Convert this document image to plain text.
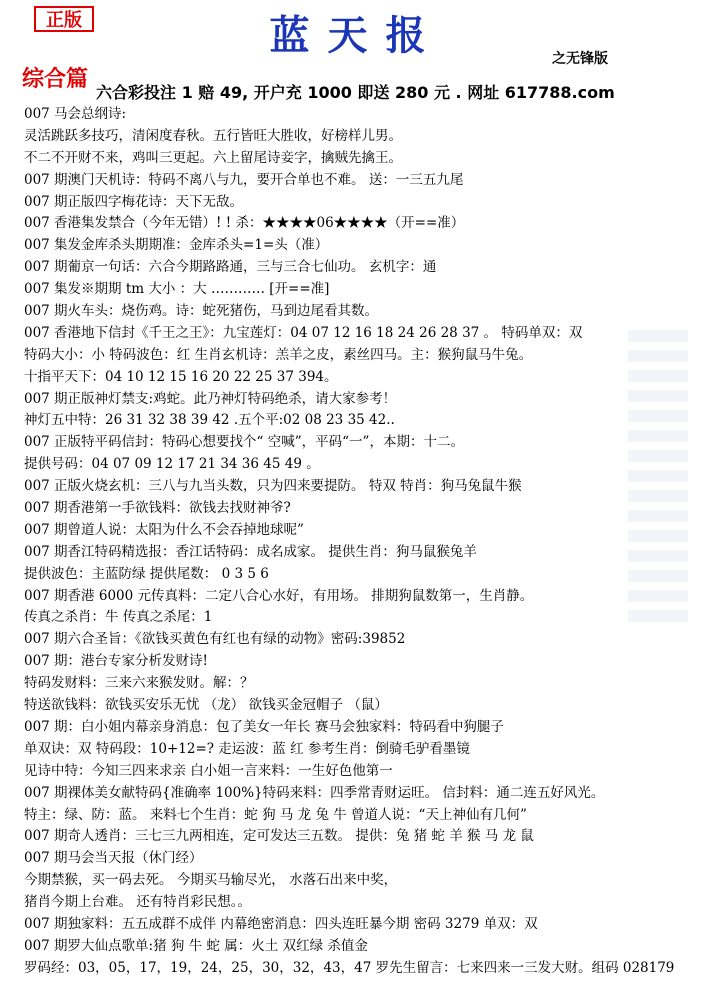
正版	蓝天报	之无锋版
综合篇
六合彩投注 1 赔 49, 开户充 1000 即送 280 元 . 网址 617788.com
007 马会总纲诗:
灵活跳跃多技巧，清闲度春秋。五行皆旺大胜收，好榜样儿男。
不二不开财不来，鸡叫三更起。六上留尾诗妾字，擒贼先擒王。
007 期澳门天机诗：特码不离八与九，要开合单也不难。 送：一三五九尾
007 期正版四字梅花诗：天下无敌。
007 香港集发禁合（今年无错）! ! 杀：★★★★06★★★★（开==准）
007 集发金库杀头期期准：金库杀头=1=头（准）
007 期葡京一句话：六合今期路路通，三与三合七仙功。 玄机字：通
007 集发※期期 tm 大小 ：大 ………… [开==准]
007 期火车头：烧伤鸡。诗：蛇死猪伤，马到边尾看其数。
007 香港地下信封《千王之王》：九宝莲灯：04 07 12 16 18 24 26 28 37 。 特码单双：双
特码大小：小 特码波色：红 生肖玄机诗：羔羊之皮，素丝四马。主：猴狗鼠马牛兔。
十指平天下：04 10 12 15 16 20 22 25 37 394。
007 期正版神灯禁支:鸡蛇。此乃神灯特码绝杀，请大家参考！
神灯五中特：26 31 32 38 39 42 .五个平:02 08 23 35 42..
007 正版特平码信封：特码心想要找个“ 空喊”，平码“一”，本期：十二。
提供号码：04 07 09 12 17 21 34 36 45 49 。
007 正版火烧玄机：三八与九当头数，只为四来要提防。 特双 特肖：狗马兔鼠牛猴
007 期香港第一手欲钱料：欲钱去找财神爷?
007 期曾道人说：太阳为什么不会吞掉地球呢”
007 期香江特码精选报：香江话特码：成名成家。 提供生肖：狗马鼠猴兔羊
提供波色：主蓝防绿 提供尾数： 0 3 5 6
007 期香港 6000 元传真料：二定八合心水好，有用场。 排期狗鼠数第一，生肖静。
传真之杀肖：牛 传真之杀尾：1
007 期六合圣旨：《欲钱买黄色有红也有绿的动物》密码:39852
007 期：港台专家分析发财诗!
特码发财料：三来六来猴发财。解：？
特送欲钱料：欲钱买安乐无忧 （龙） 欲钱买金冠帽子 （鼠）
007 期：白小姐内幕亲身消息：包了美女一年长 赛马会独家料：特码看中狗腿子
单双诀：双 特码段：10+12=? 走运波：蓝 红 参考生肖：倒骑毛驴看墨镜
见诗中特：今知三四来求亲 白小姐一言来料：一生好色他第一
007 期裸体美女献特码{准确率 100%}特码来料：四季常青财运旺。 信封料：通二连五好风光。
特主：绿、防：蓝。 来料七个生肖：蛇 狗 马 龙 兔 牛 曾道人说：“天上神仙有几何”
007 期奇人透肖：三七三九两相连，定可发达三五数。 提供：兔 猪 蛇 羊 猴 马 龙 鼠
007 期马会当天报（休门经）
今期禁猴，买一码去死。 今期买马输尽光， 水落石出来中奖，
猪肖今期上台难。 还有特肖彩民想。。
007 期独家料：五五成群不成伴 内幕绝密消息：四头连旺暴今期 密码 3279 单双：双
007 期罗大仙点歌单:猪 狗 牛 蛇 属：火土 双红绿 杀值金
罗码经：03，05，17，19，24，25，30，32，43，47 罗先生留言：七来四来一三发大财。组码 028179
